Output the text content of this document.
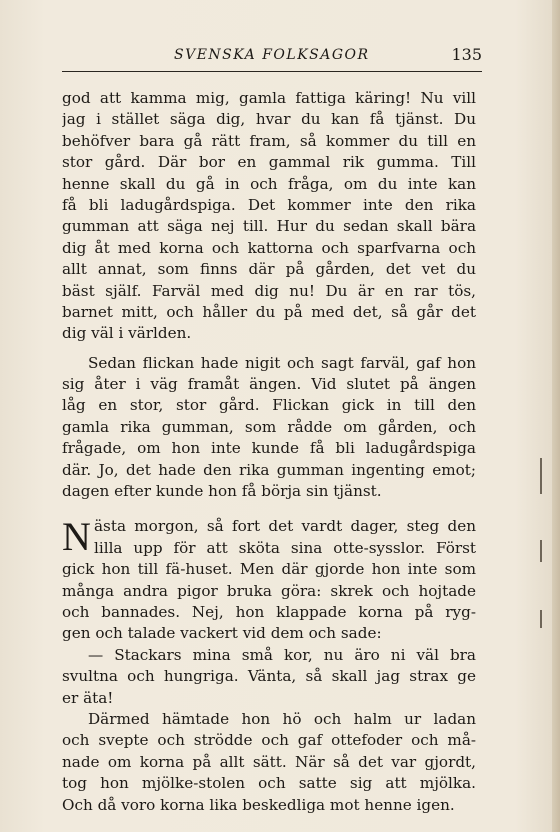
SVENSKA FOLKSAGOR	135
god att kamma mig, gamla fattiga käring! Nu vill
jag i stället säga dig, hvar du kan få tjänst. Du
behöfver bara gå rätt fram, så kommer du till en
stor gård. Där bor en gammal rik gumma. Till
henne skall du gå in och fråga, om du inte kan
få bli ladugårdspiga. Det kommer inte den rika
gumman att säga nej till. Hur du sedan skall bära
dig åt med korna och kattorna och sparfvarna och
allt annat, som finns där på gården, det vet du
bäst själf. Farväl med dig nu! Du är en rar tös,
barnet mitt, och håller du på med det, så går det
dig väl i världen.
Sedan flickan hade nigit och sagt farväl, gaf hon
sig åter i väg framåt ängen. Vid slutet på ängen
låg en stor, stor gård. Flickan gick in till den
gamla rika gumman, som rådde om gården, och
frågade, om hon inte kunde få bli ladugårdspiga
där. Jo, det hade den rika gumman ingenting emot;
dagen efter kunde hon få börja sin tjänst.
N ästa morgon, så fort det vardt dager, steg den
lilla upp för att sköta sina otte-sysslor. Först
gick hon till fä-huset. Men där gjorde hon inte som
många andra pigor bruka göra: skrek och hojtade
och bannades. Nej, hon klappade korna på ryg-
gen och talade vackert vid dem och sade:
— Stackars mina små kor, nu äro ni väl bra
svultna och hungriga. Vänta, så skall jag strax ge
er äta!
Därmed hämtade hon hö och halm ur ladan
och svepte och strödde och gaf ottefoder och må-
nade om korna på allt sätt. När så det var gjordt,
tog hon mjölke-stolen och satte sig att mjölka.
Och då voro korna lika beskedliga mot henne igen.
